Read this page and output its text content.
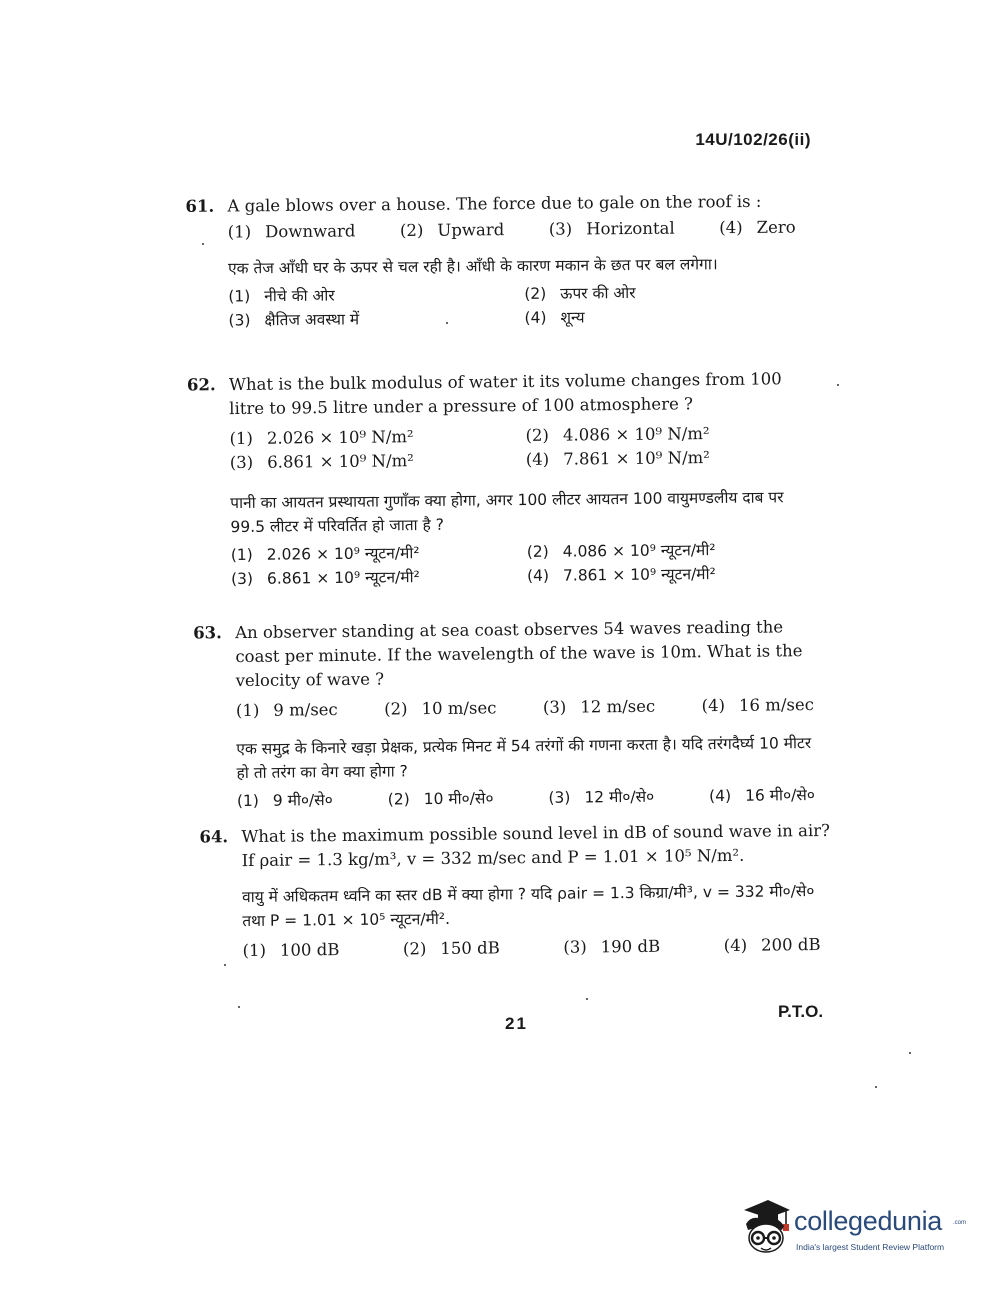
14U/102/26(ii)
61. A gale blows over a house. The force due to gale on the roof is :

(1) Downward	(2) Upward	(3) Horizontal	(4) Zero

एक तेज आँधी घर के ऊपर से चल रही है। आँधी के कारण मकान के छत पर बल लगेगा।

(1) नीचे की ओर	(2) ऊपर की ओर
(3) क्षैतिज अवस्था में	(4) शून्य
62. What is the bulk modulus of water it its volume changes from 100 litre to 99.5 litre under a pressure of 100 atmosphere ?

(1) 2.026 × 10⁹ N/m²	(2) 4.086 × 10⁹ N/m²
(3) 6.861 × 10⁹ N/m²	(4) 7.861 × 10⁹ N/m²

पानी का आयतन प्रस्थायता गुणाँक क्या होगा, अगर 100 लीटर आयतन 100 वायुमण्डलीय दाब पर 99.5 लीटर में परिवर्तित हो जाता है ?

(1) 2.026 × 10⁹ न्यूटन/मी²	(2) 4.086 × 10⁹ न्यूटन/मी²
(3) 6.861 × 10⁹ न्यूटन/मी²	(4) 7.861 × 10⁹ न्यूटन/मी²
63. An observer standing at sea coast observes 54 waves reading the coast per minute. If the wavelength of the wave is 10m. What is the velocity of wave ?

(1) 9 m/sec	(2) 10 m/sec	(3) 12 m/sec	(4) 16 m/sec

एक समुद्र के किनारे खड़ा प्रेक्षक, प्रत्येक मिनट में 54 तरंगों की गणना करता है। यदि तरंगदैर्घ्य 10 मीटर हो तो तरंग का वेग क्या होगा ?

(1) 9 मी०/से०	(2) 10 मी०/से०	(3) 12 मी०/से०	(4) 16 मी०/से०
64. What is the maximum possible sound level in dB of sound wave in air? If ρair = 1.3 kg/m³, v = 332 m/sec and P = 1.01 × 10⁵ N/m².

वायु में अधिकतम ध्वनि का स्तर dB में क्या होगा ? यदि ρair = 1.3 किग्रा/मी³, v = 332 मी०/से० तथा P = 1.01 × 10⁵ न्यूटन/मी².

(1) 100 dB	(2) 150 dB	(3) 190 dB	(4) 200 dB
21
P.T.O.
collegedunia .com
India's largest Student Review Platform
